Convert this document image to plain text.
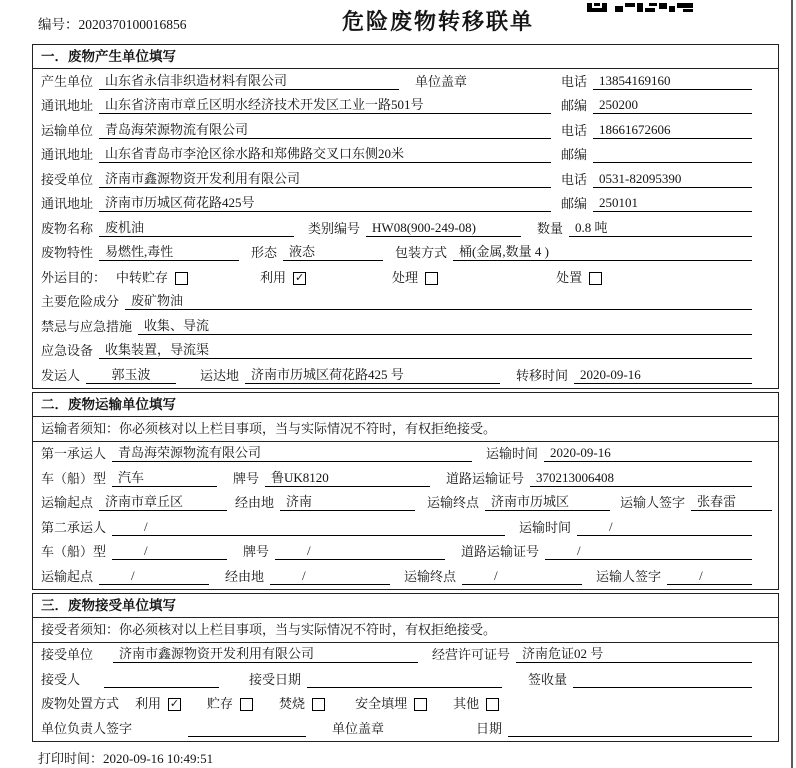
编号：2020370100016856	危险废物转移联单
一．废物产生单位填写
产生单位 山东省永信非织造材料有限公司	单位盖章	电话 13854169160
通讯地址 山东省济南市章丘区明水经济技术开发区工业一路501号	邮编 250200
运输单位 青岛海荣源物流有限公司	电话 18661672606
通讯地址 山东省青岛市李沧区徐水路和郑佛路交叉口东侧20米	邮编
接受单位 济南市鑫源物资开发利用有限公司	电话 0531-82095390
通讯地址 济南市历城区荷花路425号	邮编 250101
废物名称 废机油	类别编号 HW08(900-249-08)	数量 0.8 吨
废物特性 易燃性,毒性	形态 液态	包装方式 桶(金属,数量 4 )
外运目的： 中转贮存	利用 ✓	处理	处置
主要危险成分 废矿物油
禁忌与应急措施 收集、导流
应急设备 收集装置，导流渠
发运人	郭玉波	运达地 济南市历城区荷花路425 号	转移时间 2020-09-16
二．废物运输单位填写
运输者须知：你必须核对以上栏目事项，当与实际情况不符时，有权拒绝接受。
第一承运人 青岛海荣源物流有限公司	运输时间 2020-09-16
车（船）型 汽车	牌号 鲁UK8120	道路运输证号 370213006408
运输起点 济南市章丘区	经由地 济南	运输终点 济南市历城区	运输人签字 张春雷
第二承运人	/	运输时间	/
车（船）型	/	牌号	/	道路运输证号	/
运输起点	/	经由地	/	运输终点	/	运输人签字	/
三．废物接受单位填写
接受者须知：你必须核对以上栏目事项，当与实际情况不符时，有权拒绝接受。
接受单位	济南市鑫源物资开发利用有限公司	经营许可证号 济南危证02 号
接受人	接受日期	签收量
废物处置方式 利用 ✓ 贮存	焚烧	安全填埋	其他
单位负责人签字	单位盖章	日期
打印时间：2020-09-16 10:49:51
